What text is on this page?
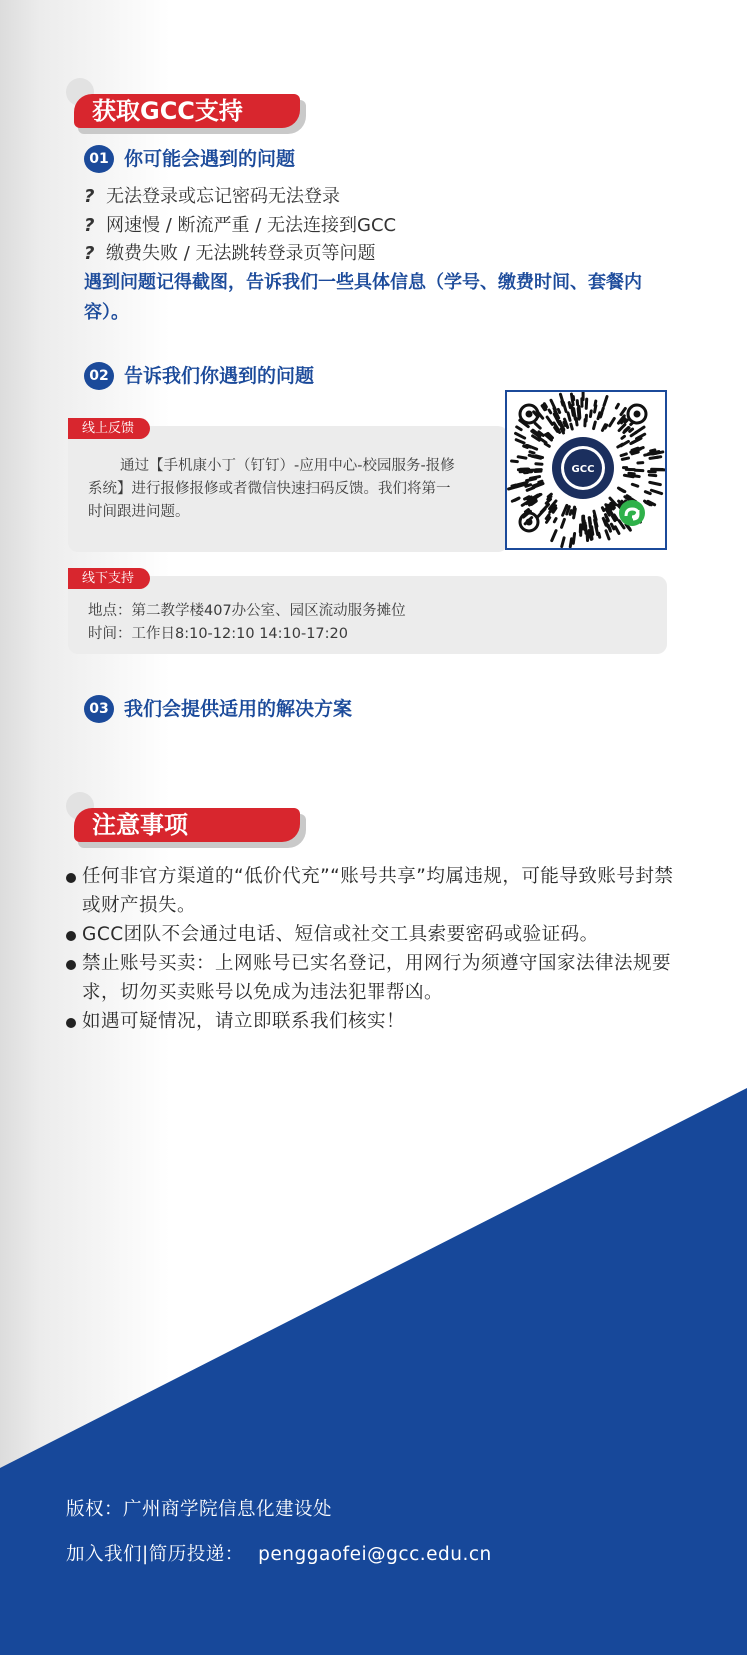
获取GCC支持
01 你可能会遇到的问题
? 无法登录或忘记密码无法登录
? 网速慢 / 断流严重 / 无法连接到GCC
? 缴费失败 / 无法跳转登录页等问题
遇到问题记得截图，告诉我们一些具体信息（学号、缴费时间、套餐内容）。
02 告诉我们你遇到的问题
线上反馈
通过【手机康小丁（钉钉）-应用中心-校园服务-报修系统】进行报修报修或者微信快速扫码反馈。我们将第一时间跟进问题。
GCC
线下支持
地点：第二教学楼407办公室、园区流动服务摊位
时间：工作日8:10-12:10 14:10-17:20
03 我们会提供适用的解决方案
注意事项
任何非官方渠道的“低价代充”“账号共享”均属违规，可能导致账号封禁或财产损失。
GCC团队不会通过电话、短信或社交工具索要密码或验证码。
禁止账号买卖：上网账号已实名登记，用网行为须遵守国家法律法规要求，切勿买卖账号以免成为违法犯罪帮凶。
如遇可疑情况，请立即联系我们核实！
版权：广州商学院信息化建设处
加入我们|简历投递： penggaofei@gcc.edu.cn
